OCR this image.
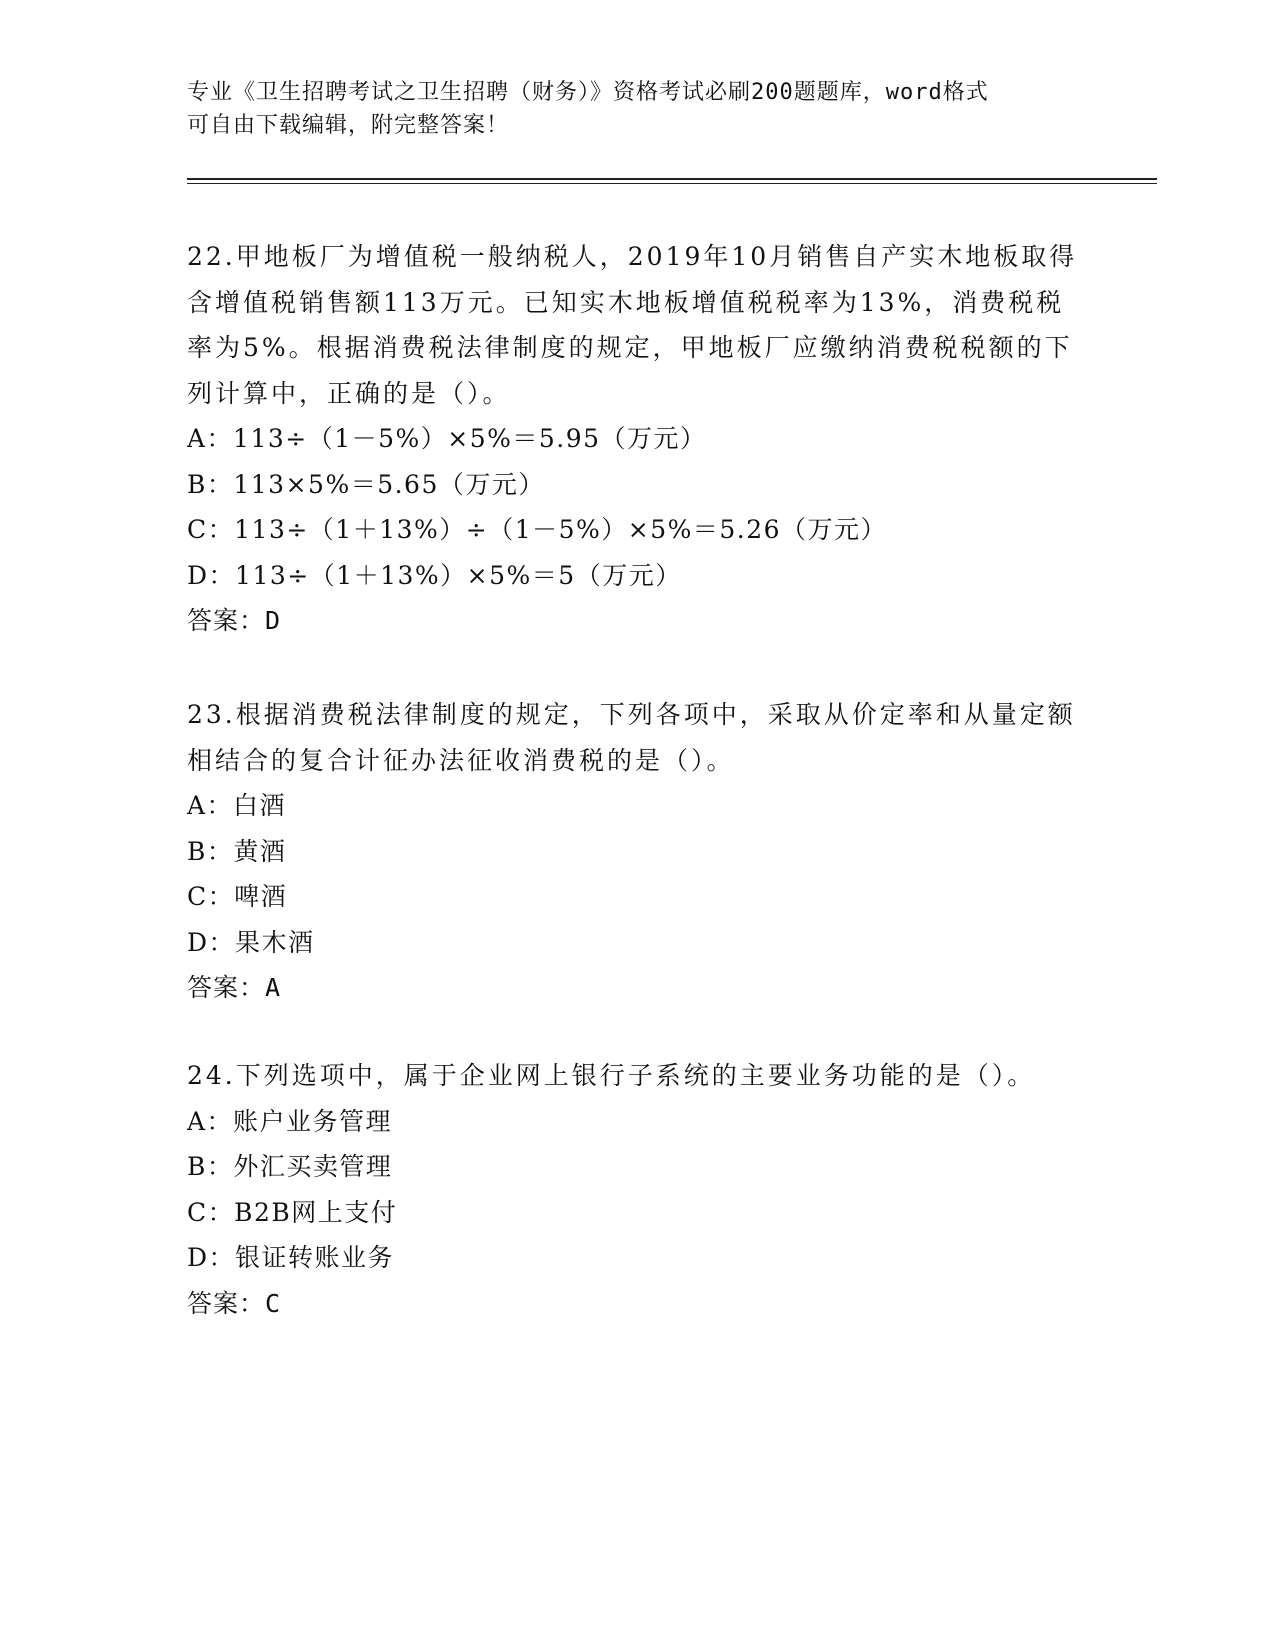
专业《卫生招聘考试之卫生招聘（财务）》资格考试必刷200题题库，word格式
可自由下载编辑，附完整答案！

22.甲地板厂为增值税一般纳税人，2019年10月销售自产实木地板取得含增值税销售额113万元。已知实木地板增值税税率为13%，消费税税率为5%。根据消费税法律制度的规定，甲地板厂应缴纳消费税税额的下列计算中，正确的是（）。

A：113÷（1－5%）×5%＝5.95（万元）
B：113×5%＝5.65（万元）
C：113÷（1＋13%）÷（1－5%）×5%＝5.26（万元）
D：113÷（1＋13%）×5%＝5（万元）
答案：D

23.根据消费税法律制度的规定，下列各项中，采取从价定率和从量定额相结合的复合计征办法征收消费税的是（）。

A：白酒
B：黄酒
C：啤酒
D：果木酒
答案：A

24.下列选项中，属于企业网上银行子系统的主要业务功能的是（）。

A：账户业务管理
B：外汇买卖管理
C：B2B网上支付
D：银证转账业务
答案：C
